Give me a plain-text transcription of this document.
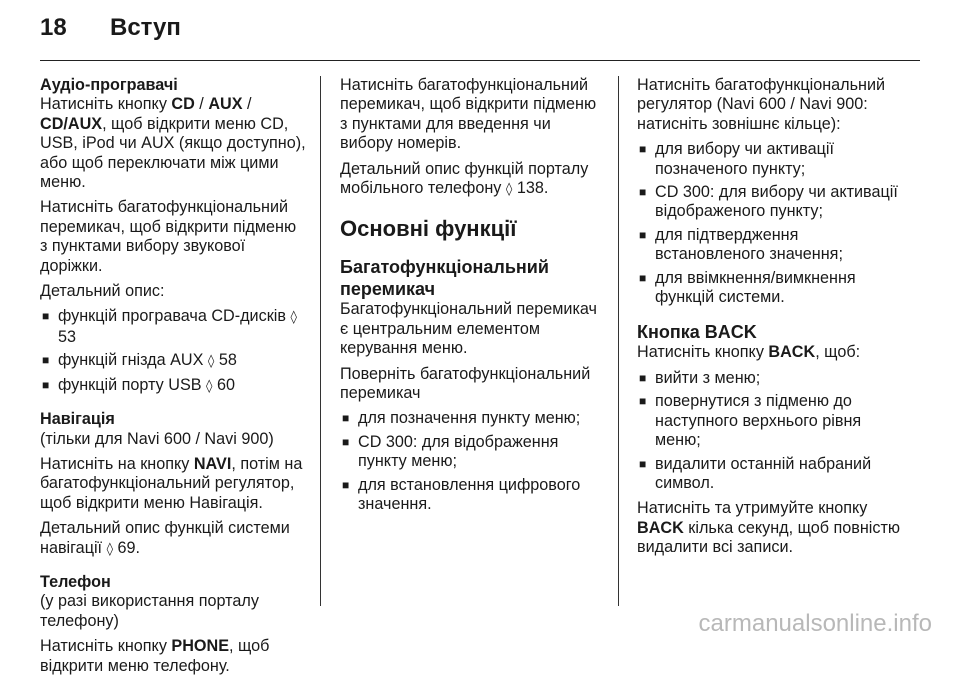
18	Вступ

Аудіо-програвачі

Натисніть кнопку CD / AUX / CD/AUX, щоб відкрити меню CD, USB, iPod чи AUX (якщо доступно), або щоб переключати між цими меню.

Натисніть багатофункціональний перемикач, щоб відкрити підменю з пунктами вибору звукової доріжки.

Детальний опис:

■ функцій програвача CD-дисків ◊ 53
■ функцій гнізда AUX ◊ 58
■ функцій порту USB ◊ 60

Навігація

(тільки для Navi 600 / Navi 900)

Натисніть на кнопку NAVI, потім на багатофункціональний регулятор, щоб відкрити меню Навігація.

Детальний опис функцій системи навігації ◊ 69.

Телефон

(у разі використання порталу телефону)

Натисніть кнопку PHONE, щоб відкрити меню телефону.

Натисніть багатофункціональний перемикач, щоб відкрити підменю з пунктами для введення чи вибору номерів.

Детальний опис функцій порталу мобільного телефону ◊ 138.

Основні функції

Багатофункціональний перемикач

Багатофункціональний перемикач є центральним елементом керування меню.

Поверніть багатофункціональний перемикач

■ для позначення пункту меню;
■ CD 300: для відображення пункту меню;
■ для встановлення цифрового значення.

Натисніть багатофункціональний регулятор (Navi 600 / Navi 900: натисніть зовнішнє кільце):

■ для вибору чи активації позначеного пункту;
■ CD 300: для вибору чи активації відображеного пункту;
■ для підтвердження встановленого значення;
■ для ввімкнення/вимкнення функцій системи.

Кнопка BACK

Натисніть кнопку BACK, щоб:

■ вийти з меню;
■ повернутися з підменю до наступного верхнього рівня меню;
■ видалити останній набраний символ.

Натисніть та утримуйте кнопку BACK кілька секунд, щоб повністю видалити всі записи.

carmanualsonline.info
